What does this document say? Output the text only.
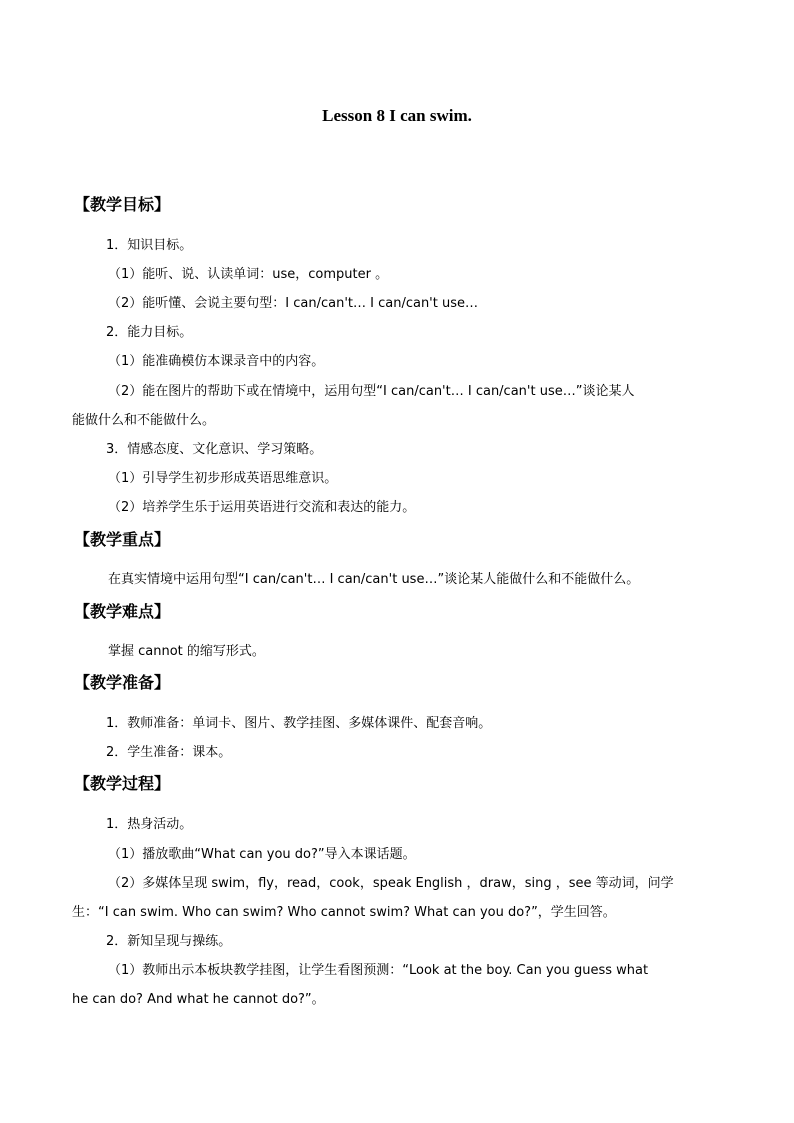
Lesson 8 I can swim.
【教学目标】
1．知识目标。
（1）能听、说、认读单词：use，computer 。
（2）能听懂、会说主要句型：I can/can't… I can/can't use…
2．能力目标。
（1）能准确模仿本课录音中的内容。
（2）能在图片的帮助下或在情境中，运用句型“I can/can't… I can/can't use…”谈论某人
能做什么和不能做什么。
3．情感态度、文化意识、学习策略。
（1）引导学生初步形成英语思维意识。
（2）培养学生乐于运用英语进行交流和表达的能力。
【教学重点】
在真实情境中运用句型“I can/can't… I can/can't use…”谈论某人能做什么和不能做什么。
【教学难点】
掌握 cannot 的缩写形式。
【教学准备】
1．教师准备：单词卡、图片、教学挂图、多媒体课件、配套音响。
2．学生准备：课本。
【教学过程】
1．热身活动。
（1）播放歌曲“What can you do?”导入本课话题。
（2）多媒体呈现 swim，fly，read，cook，speak English ，draw，sing ，see 等动词，问学
生：“I can swim. Who can swim? Who cannot swim? What can you do?”，学生回答。
2．新知呈现与操练。
（1）教师出示本板块教学挂图，让学生看图预测：“Look at the boy. Can you guess what
he can do? And what he cannot do?”。
